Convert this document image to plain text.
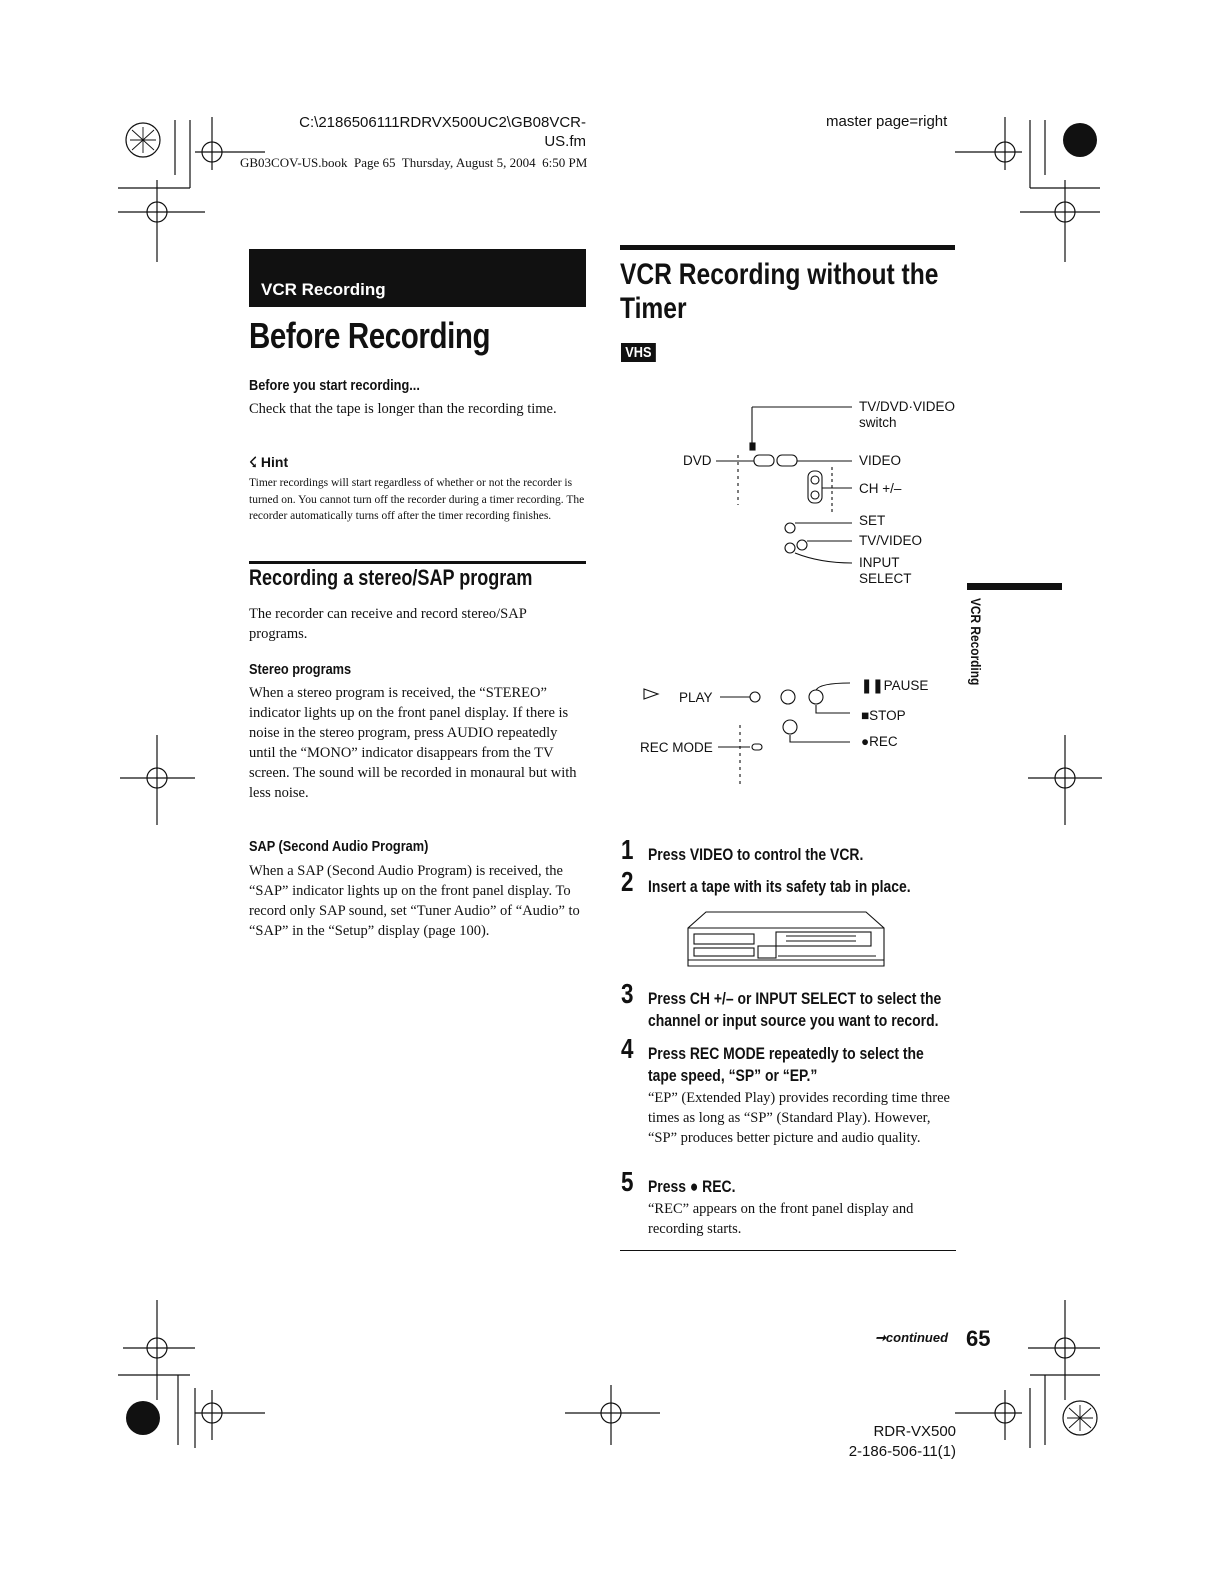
C:\2186506111RDRVX500UC2\GB08VCR-
US.fm
GB03COV-US.book  Page 65  Thursday, August 5, 2004  6:50 PM
master page=right
VCR Recording
Before Recording
Before you start recording...
Check that the tape is longer than the recording time.
☇ Hint
Timer recordings will start regardless of whether or not the recorder is turned on. You cannot turn off the recorder during a timer recording. The recorder automatically turns off after the timer recording finishes.
Recording a stereo/SAP program
The recorder can receive and record stereo/SAP programs.
Stereo programs
When a stereo program is received, the “STEREO” indicator lights up on the front panel display. If there is noise in the stereo program, press AUDIO repeatedly until the “MONO” indicator disappears from the TV screen. The sound will be recorded in monaural but with less noise.
SAP (Second Audio Program)
When a SAP (Second Audio Program) is received, the “SAP” indicator lights up on the front panel display. To record only SAP sound, set “Tuner Audio” of “Audio” to “SAP” in the “Setup” display (page 100).
VCR Recording without the Timer
VHS
TV/DVD·VIDEO
switch
DVD	VIDEO
CH +/–
SET
TV/VIDEO
INPUT
SELECT
PLAY
REC MODE
❚❚PAUSE
■STOP
●REC
1 Press VIDEO to control the VCR.
2 Insert a tape with its safety tab in place.
3 Press CH +/– or INPUT SELECT to select the channel or input source you want to record.
4 Press REC MODE repeatedly to select the tape speed, “SP” or “EP.”
“EP” (Extended Play) provides recording time three times as long as “SP” (Standard Play). However, “SP” produces better picture and audio quality.
5 Press ● REC.
“REC” appears on the front panel display and recording starts.
VCR Recording
➞continued 65
RDR-VX500
2-186-506-11(1)
